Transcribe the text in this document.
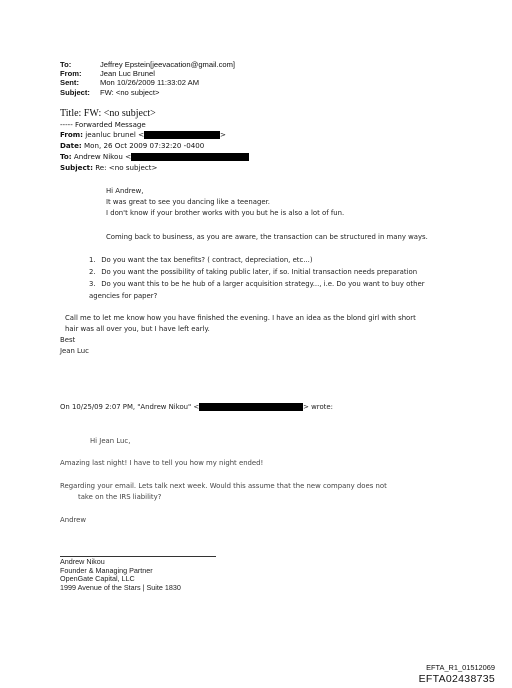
To:	Jeffrey Epstein[jeevacation@gmail.com]
From: Jean Luc Brunel
Sent:	Mon 10/26/2009 11:33:02 AM
Subject: FW: <no subject>
Title: FW: <no subject>
----- Forwarded Message
From: jeanluc brunel <	>
Date: Mon, 26 Oct 2009 07:32:20 -0400
To: Andrew Nikou <
Subject: Re: <no subject>
Hi Andrew,
It was great to see you dancing like a teenager.
I don't know if your brother works with you but he is also a lot of fun.
Coming back to business, as you are aware, the transaction can be structured in many ways.
1. Do you want the tax benefits? ( contract, depreciation, etc...)
2. Do you want the possibility of taking public later, if so. Initial transaction needs preparation
3. Do you want this to be he hub of a larger acquisition strategy..., i.e. Do you want to buy other
agencies for paper?
Call me to let me know how you have finished the evening. I have an idea as the blond girl with short
hair was all over you, but I have left early.
Best
Jean Luc
On 10/25/09 2:07 PM, "Andrew Nikou" <	> wrote:
Hi Jean Luc,
Amazing last night! I have to tell you how my night ended!
Regarding your email. Lets talk next week. Would this assume that the new company does not
take on the IRS liability?
Andrew
Andrew Nikou
Founder & Managing Partner
OpenGate Capital, LLC
1999 Avenue of the Stars | Suite 1830
EFTA_R1_01512069
EFTA02438735
